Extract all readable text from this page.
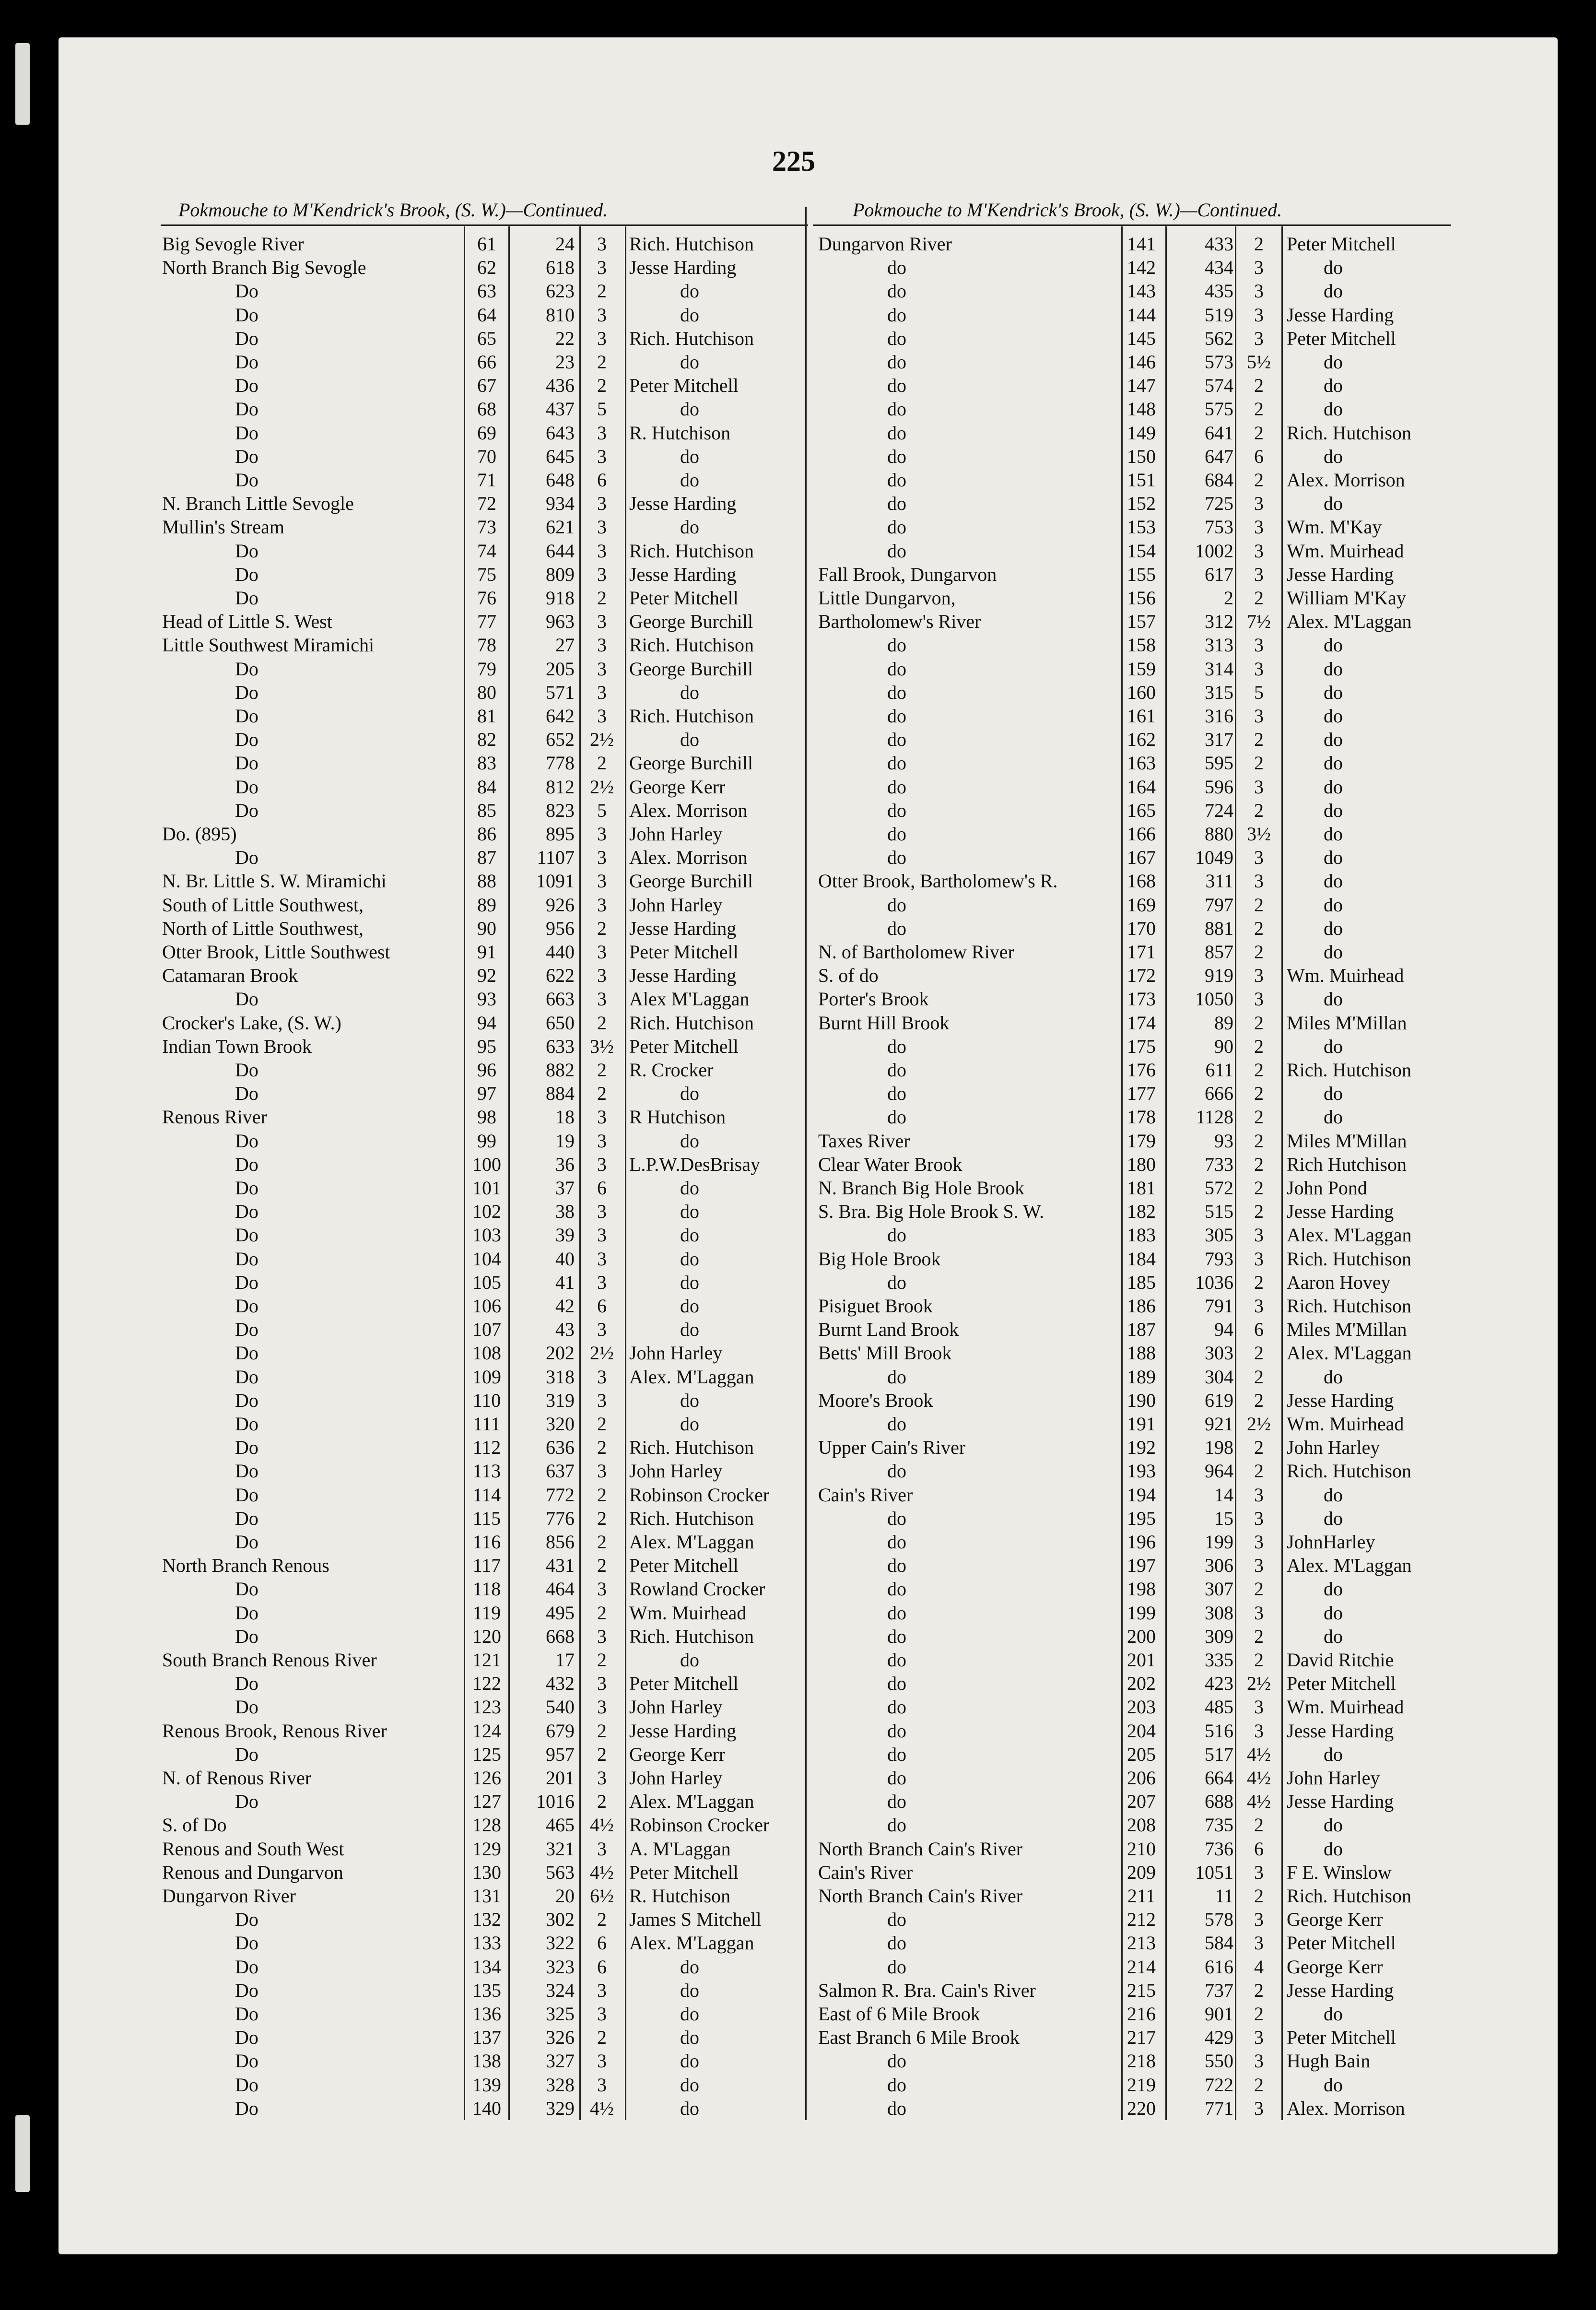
225
Pokmouche to M'Kendrick's Brook, (S. W.)—Continued.	Pokmouche to M'Kendrick's Brook, (S. W.)—Continued.
Big Sevogle River	61	24	3	Rich. Hutchison
North Branch Big Sevogle	62	618	3	Jesse Harding
Do	63	623	2	do
Do	64	810	3	do
Do	65	22	3	Rich. Hutchison
Do	66	23	2	do
Do	67	436	2	Peter Mitchell
Do	68	437	5	do
Do	69	643	3	R. Hutchison
Do	70	645	3	do
Do	71	648	6	do
N. Branch Little Sevogle	72	934	3	Jesse Harding
Mullin's Stream	73	621	3	do
Do	74	644	3	Rich. Hutchison
Do	75	809	3	Jesse Harding
Do	76	918	2	Peter Mitchell
Head of Little S. West	77	963	3	George Burchill
Little Southwest Miramichi	78	27	3	Rich. Hutchison
Do	79	205	3	George Burchill
Do	80	571	3	do
Do	81	642	3	Rich. Hutchison
Do	82	652 2½	do
Do	83	778	2	George Burchill
Do	84	812 2½ George Kerr
Do	85	823	5	Alex. Morrison
Do. (895)	86	895	3	John Harley
Do	87	1107	3	Alex. Morrison
N. Br. Little S. W. Miramichi	88	1091	3	George Burchill
South of Little Southwest,	89	926	3	John Harley
North of Little Southwest,	90	956	2	Jesse Harding
Otter Brook, Little Southwest	91	440	3	Peter Mitchell
Catamaran Brook	92	622	3	Jesse Harding
Do	93	663	3	Alex M'Laggan
Crocker's Lake, (S. W.)	94	650	2	Rich. Hutchison
Indian Town Brook	95	633 3½ Peter Mitchell
Do	96	882	2	R. Crocker
Do	97	884	2	do
Renous River	98	18	3	R Hutchison
Do	99	19	3	do
Do	100	36	3	L.P.W.DesBrisay
Do	101	37	6	do
Do	102	38	3	do
Do	103	39	3	do
Do	104	40	3	do
Do	105	41	3	do
Do	106	42	6	do
Do	107	43	3	do
Do	108	202 2½ John Harley
Do	109	318	3	Alex. M'Laggan
Do	110	319	3	do
Do	111	320	2	do
Do	112	636	2	Rich. Hutchison
Do	113	637	3	John Harley
Do	114	772	2	Robinson Crocker
Do	115	776	2	Rich. Hutchison
Do	116	856	2	Alex. M'Laggan
North Branch Renous	117	431	2	Peter Mitchell
Do	118	464	3	Rowland Crocker
Do	119	495	2	Wm. Muirhead
Do	120	668	3	Rich. Hutchison
South Branch Renous River	121	17	2	do
Do	122	432	3	Peter Mitchell
Do	123	540	3	John Harley
Renous Brook, Renous River	124	679	2	Jesse Harding
Do	125	957	2	George Kerr
N. of Renous River	126	201	3	John Harley
Do	127	1016	2	Alex. M'Laggan
S. of Do	128	465 4½ Robinson Crocker
Renous and South West	129	321	3	A. M'Laggan
Renous and Dungarvon	130	563 4½ Peter Mitchell
Dungarvon River	131	20 6½ R. Hutchison
Do	132	302	2	James S Mitchell
Do	133	322	6	Alex. M'Laggan
Do	134	323	6	do
Do	135	324	3	do
Do	136	325	3	do
Do	137	326	2	do
Do	138	327	3	do
Do	139	328	3	do
Do	140	329 4½	do
Dungarvon River	141	433	2	Peter Mitchell
do	142	434	3	do
do	143	435	3	do
do	144	519	3	Jesse Harding
do	145	562	3	Peter Mitchell
do	146	573 5½	do
do	147	574	2	do
do	148	575	2	do
do	149	641	2	Rich. Hutchison
do	150	647	6	do
do	151	684	2	Alex. Morrison
do	152	725	3	do
do	153	753	3	Wm. M'Kay
do	154	1002	3	Wm. Muirhead
Fall Brook, Dungarvon	155	617	3	Jesse Harding
Little Dungarvon,	156	2	2	William M'Kay
Bartholomew's River	157	312 7½ Alex. M'Laggan
do	158	313	3	do
do	159	314	3	do
do	160	315	5	do
do	161	316	3	do
do	162	317	2	do
do	163	595	2	do
do	164	596	3	do
do	165	724	2	do
do	166	880 3½	do
do	167	1049	3	do
Otter Brook, Bartholomew's R.	168	311	3	do
do	169	797	2	do
do	170	881	2	do
N. of Bartholomew River	171	857	2	do
S. of do	172	919	3	Wm. Muirhead
Porter's Brook	173	1050	3	do
Burnt Hill Brook	174	89	2	Miles M'Millan
do	175	90	2	do
do	176	611	2	Rich. Hutchison
do	177	666	2	do
do	178	1128	2	do
Taxes River	179	93	2	Miles M'Millan
Clear Water Brook	180	733	2	Rich Hutchison
N. Branch Big Hole Brook	181	572	2	John Pond
S. Bra. Big Hole Brook S. W.	182	515	2	Jesse Harding
do	183	305	3	Alex. M'Laggan
Big Hole Brook	184	793	3	Rich. Hutchison
do	185	1036	2	Aaron Hovey
Pisiguet Brook	186	791	3	Rich. Hutchison
Burnt Land Brook	187	94	6	Miles M'Millan
Betts' Mill Brook	188	303	2	Alex. M'Laggan
do	189	304	2	do
Moore's Brook	190	619	2	Jesse Harding
do	191	921 2½ Wm. Muirhead
Upper Cain's River	192	198	2	John Harley
do	193	964	2	Rich. Hutchison
Cain's River	194	14	3	do
do	195	15	3	do
do	196	199	3	JohnHarley
do	197	306	3	Alex. M'Laggan
do	198	307	2	do
do	199	308	3	do
do	200	309	2	do
do	201	335	2	David Ritchie
do	202	423 2½ Peter Mitchell
do	203	485	3	Wm. Muirhead
do	204	516	3	Jesse Harding
do	205	517 4½	do
do	206	664 4½ John Harley
do	207	688 4½ Jesse Harding
do	208	735	2	do
North Branch Cain's River	210	736	6	do
Cain's River	209	1051	3	F E. Winslow
North Branch Cain's River	211	11	2	Rich. Hutchison
do	212	578	3	George Kerr
do	213	584	3	Peter Mitchell
do	214	616	4	George Kerr
Salmon R. Bra. Cain's River	215	737	2	Jesse Harding
East of 6 Mile Brook	216	901	2	do
East Branch 6 Mile Brook	217	429	3	Peter Mitchell
do	218	550	3	Hugh Bain
do	219	722	2	do
do	220	771	3	Alex. Morrison
